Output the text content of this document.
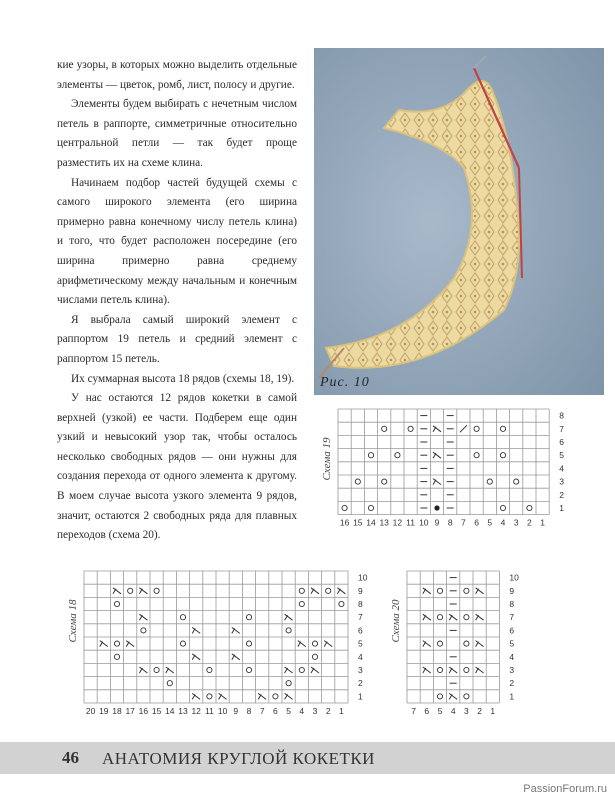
кие узоры, в которых можно выделить отдельные элементы — цветок, ромб, лист, полосу и другие.

Элементы будем выбирать с нечетным числом петель в раппорте, симметричные относительно центральной петли — так будет проще разместить их на схеме клина.

Начинаем подбор частей будущей схемы с самого широкого элемента (его ширина примерно равна конечному числу петель клина) и того, что будет расположен посередине (его ширина примерно равна среднему арифметическому между начальным и конечным числами петель клина).

Я выбрала самый широкий элемент с раппортом 19 петель и средний элемент с раппортом 15 петель.

Их суммарная высота 18 рядов (схемы 18, 19).

У нас остаются 12 рядов кокетки в самой верхней (узкой) ее части. Подберем еще один узкий и невысокий узор так, чтобы осталось несколько свободных рядов — они нужны для создания перехода от одного элемента к другому. В моем случае высота узкого элемента 9 рядов, значит, остаются 2 свободных ряда для плавных переходов (схема 20).

Рис. 10
Схема 19
16 15 14 13 12 11 10 9 8 7 6 5 4 3 2 1
1
2
3
4
5
6
7
8
Схема 18
20 19 18 17 16 15 14 13 12 11 10 9 8 7 6 5 4 3 2 1
1
2
3
4
5
6
7
8
9
10
Схема 20
7 6 5 4 3 2 1
1
2
3
4
5
6
7
8
9
10
46 АНАТОМИЯ КРУГЛОЙ КОКЕТКИ
PassionForum.ru
